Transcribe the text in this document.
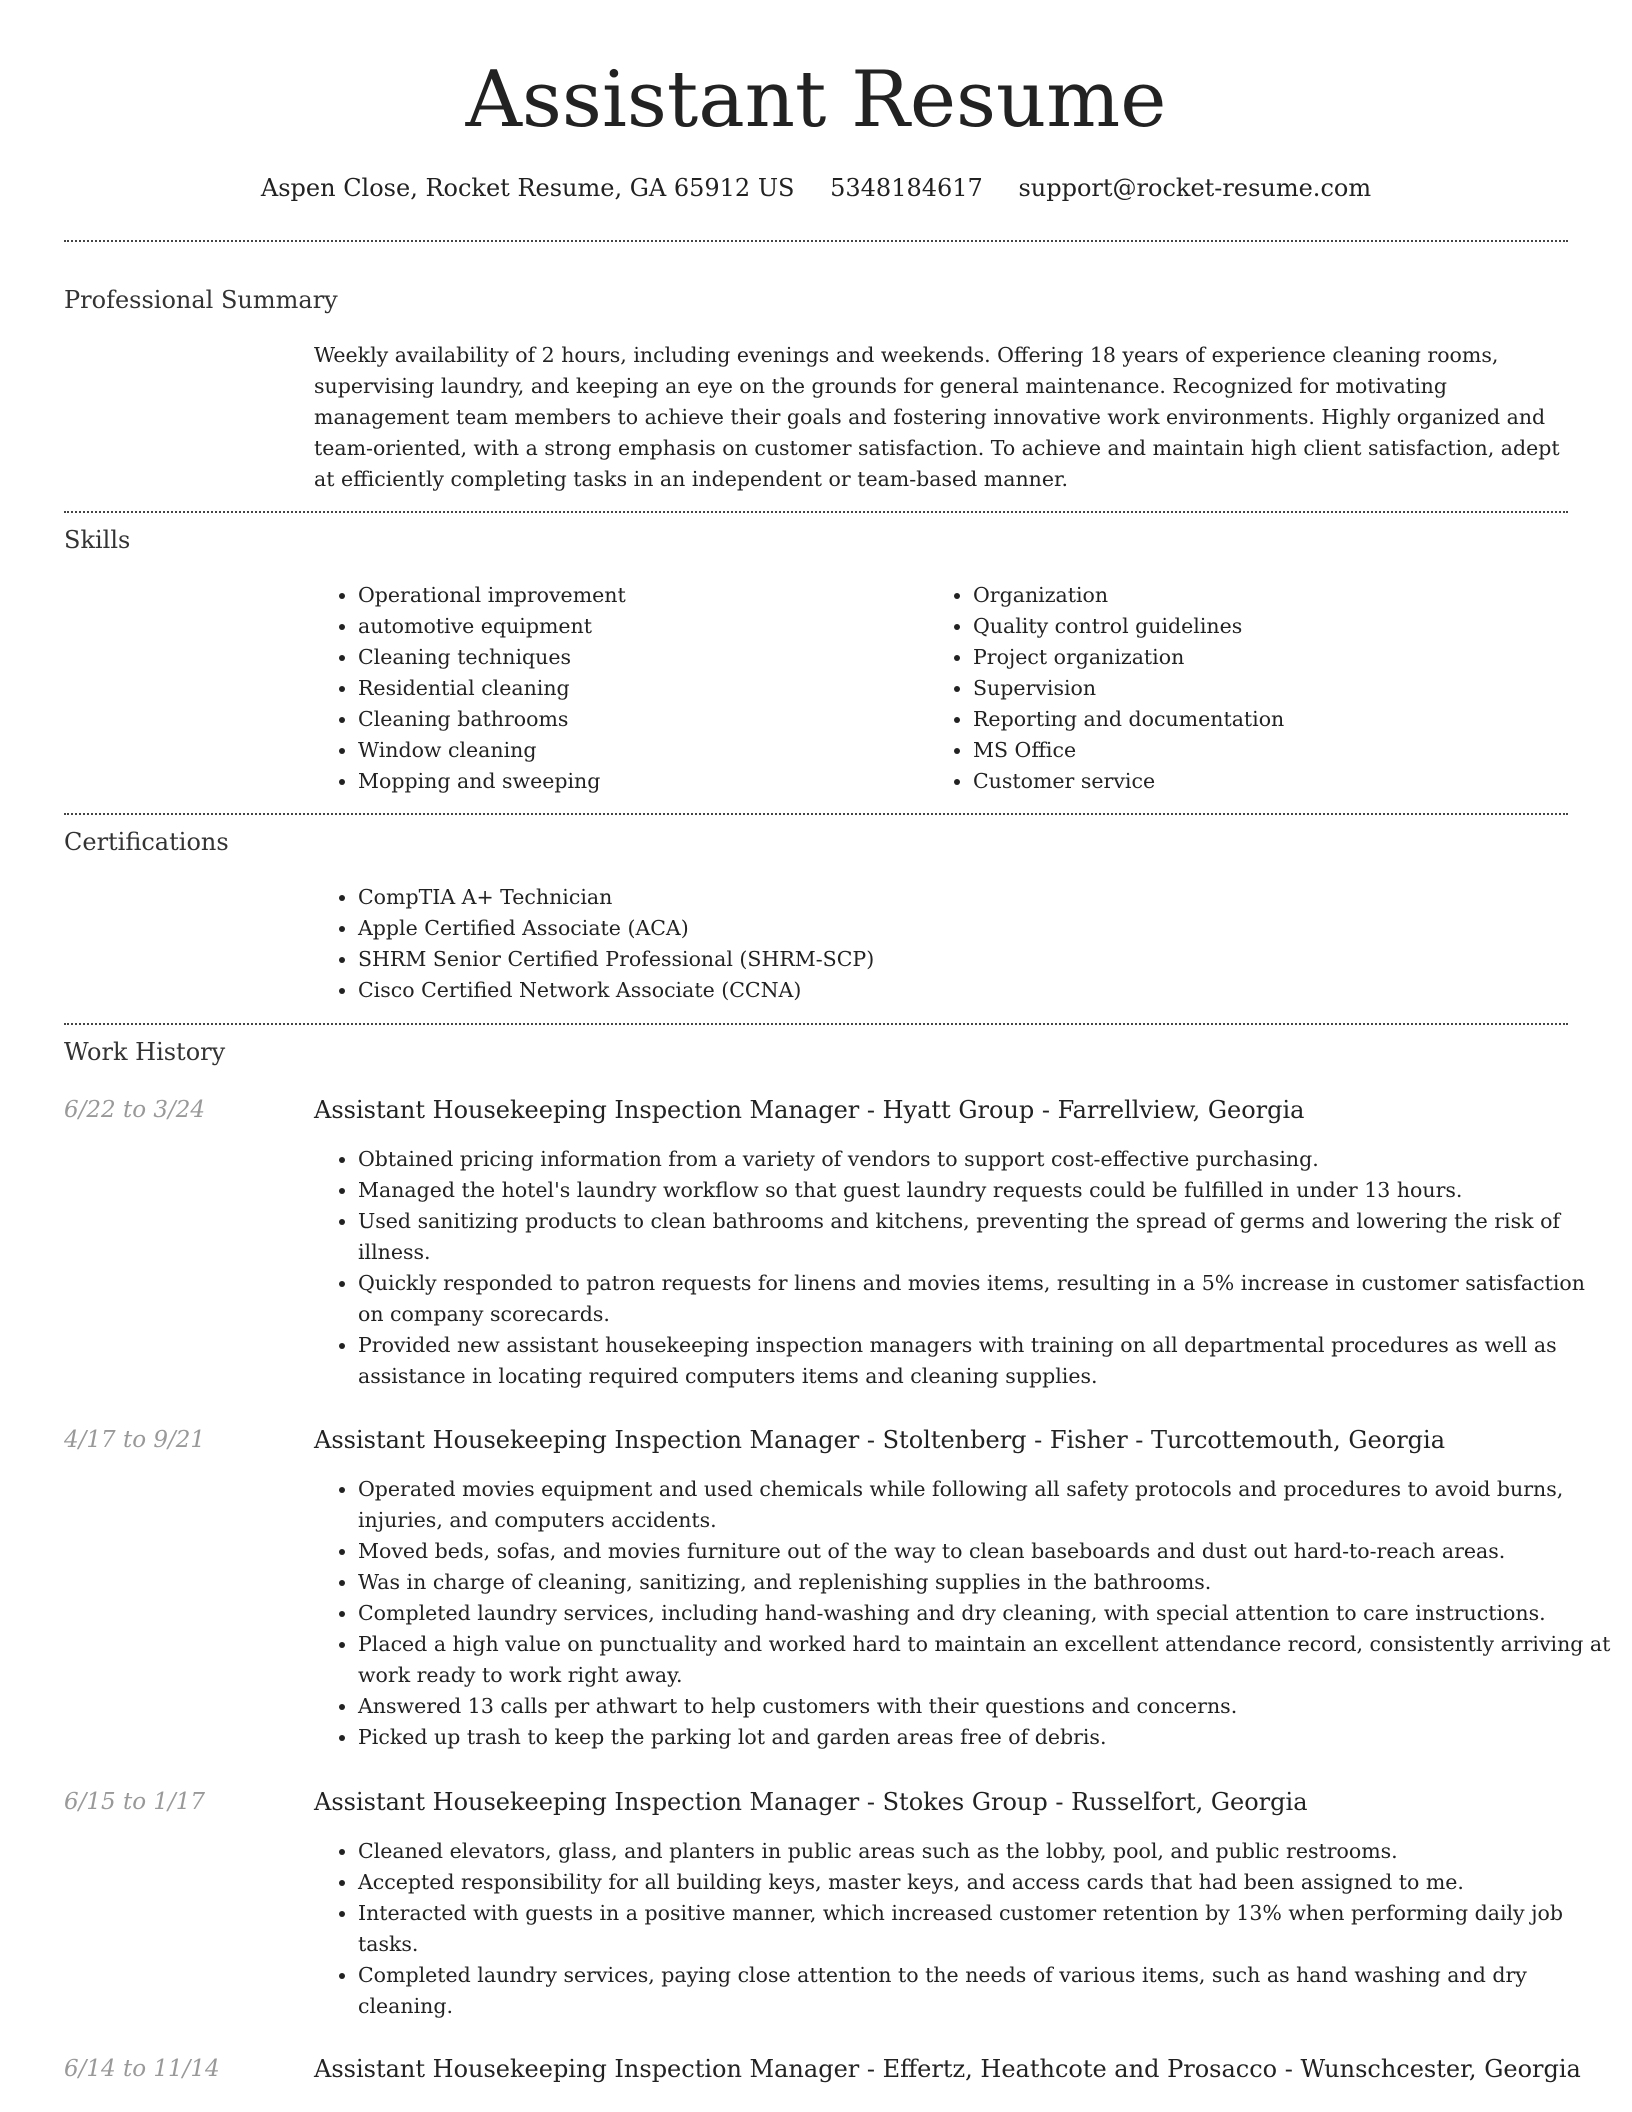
Assistant Resume
Aspen Close, Rocket Resume, GA 65912 US 5348184617 support@rocket-resume.com
Professional Summary

Weekly availability of 2 hours, including evenings and weekends. Offering 18 years of experience cleaning rooms, supervising laundry, and keeping an eye on the grounds for general maintenance. Recognized for motivating management team members to achieve their goals and fostering innovative work environments. Highly organized and team-oriented, with a strong emphasis on customer satisfaction. To achieve and maintain high client satisfaction, adept at efficiently completing tasks in an independent or team-based manner.

Skills
• Operational improvement
• automotive equipment
• Cleaning techniques
• Residential cleaning
• Cleaning bathrooms
• Window cleaning
• Mopping and sweeping
• Organization
• Quality control guidelines
• Project organization
• Supervision
• Reporting and documentation
• MS Office
• Customer service
Certifications
• CompTIA A+ Technician
• Apple Certified Associate (ACA)
• SHRM Senior Certified Professional (SHRM-SCP)
• Cisco Certified Network Associate (CCNA)
Work History
6/22 to 3/24	Assistant Housekeeping Inspection Manager - Hyatt Group - Farrellview, Georgia
• Obtained pricing information from a variety of vendors to support cost-effective purchasing.
• Managed the hotel's laundry workflow so that guest laundry requests could be fulfilled in under 13 hours.
• Used sanitizing products to clean bathrooms and kitchens, preventing the spread of germs and lowering the risk of illness.
• Quickly responded to patron requests for linens and movies items, resulting in a 5% increase in customer satisfaction on company scorecards.
• Provided new assistant housekeeping inspection managers with training on all departmental procedures as well as assistance in locating required computers items and cleaning supplies.
4/17 to 9/21	Assistant Housekeeping Inspection Manager - Stoltenberg - Fisher - Turcottemouth, Georgia
• Operated movies equipment and used chemicals while following all safety protocols and procedures to avoid burns, injuries, and computers accidents.
• Moved beds, sofas, and movies furniture out of the way to clean baseboards and dust out hard-to-reach areas.
• Was in charge of cleaning, sanitizing, and replenishing supplies in the bathrooms.
• Completed laundry services, including hand-washing and dry cleaning, with special attention to care instructions.
• Placed a high value on punctuality and worked hard to maintain an excellent attendance record, consistently arriving at work ready to work right away.
• Answered 13 calls per athwart to help customers with their questions and concerns.
• Picked up trash to keep the parking lot and garden areas free of debris.
6/15 to 1/17	Assistant Housekeeping Inspection Manager - Stokes Group - Russelfort, Georgia
• Cleaned elevators, glass, and planters in public areas such as the lobby, pool, and public restrooms.
• Accepted responsibility for all building keys, master keys, and access cards that had been assigned to me.
• Interacted with guests in a positive manner, which increased customer retention by 13% when performing daily job tasks.
• Completed laundry services, paying close attention to the needs of various items, such as hand washing and dry cleaning.
6/14 to 11/14	Assistant Housekeeping Inspection Manager - Effertz, Heathcote and Prosacco - Wunschcester, Georgia
